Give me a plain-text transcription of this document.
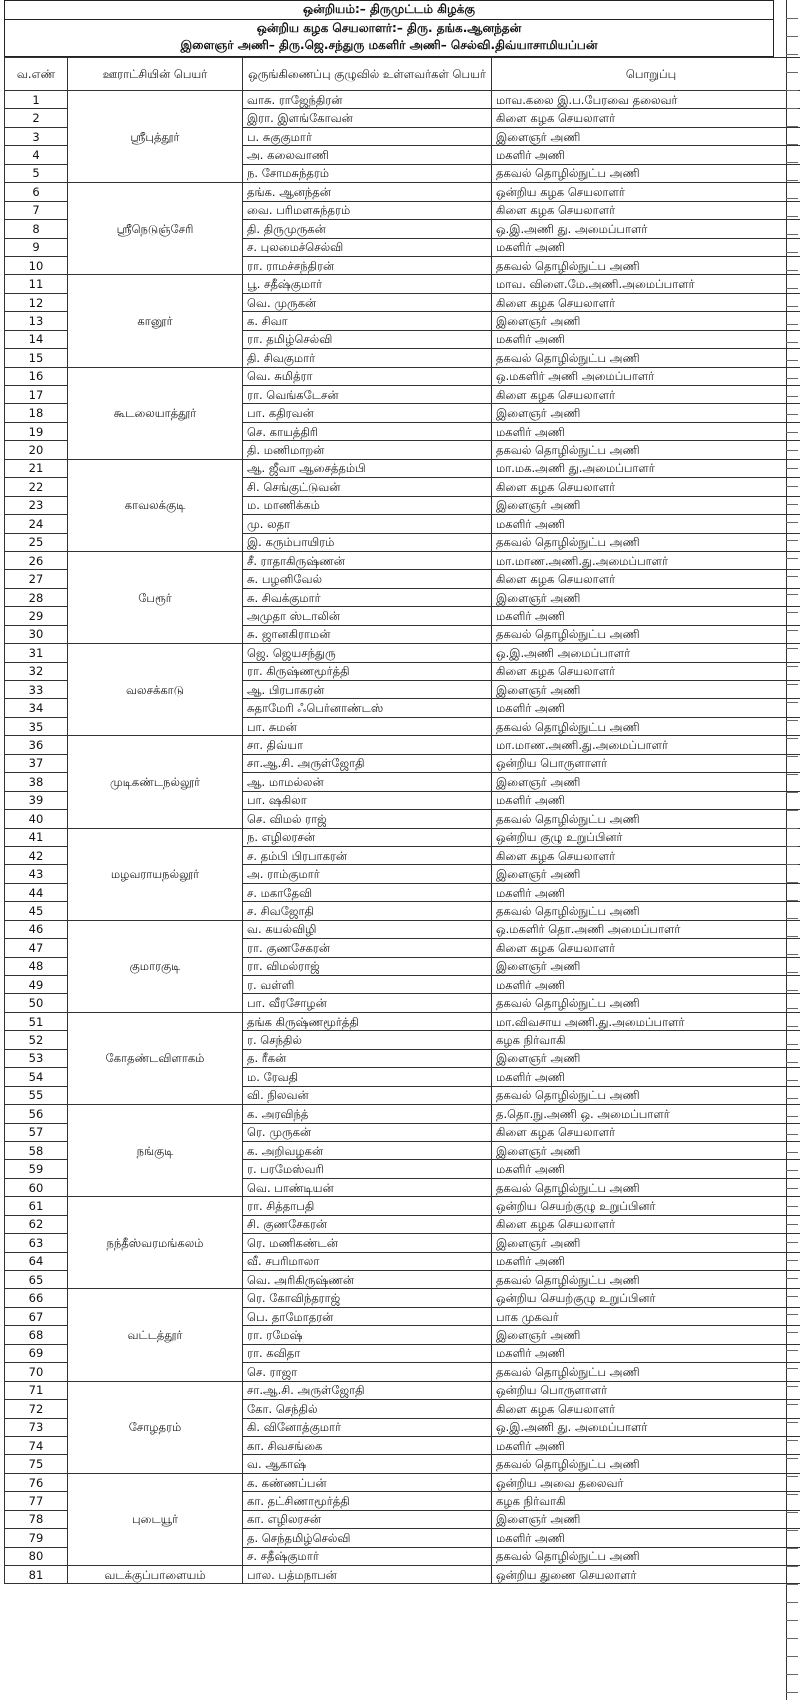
ஒன்றியம்:– திருமுட்டம் கிழக்கு
ஒன்றிய கழக செயலாளர்:– திரு. தங்க.ஆனந்தன்
இளைஞர் அணி– திரு.ஜெ.சந்துரு மகளிர் அணி– செல்வி.திவ்யாசாமியப்பன்
வ.எண்	ஊராட்சியின் பெயர்	ஒருங்கிணைப்பு குழுவில் உள்ளவர்கள் பெயர்	பொறுப்பு
1	ஸ்ரீபுத்தூர்	வாசு. ராஜேந்திரன்	மாவ.கலை இ.ப.பேரவை தலைவர்
2		இரா. இளங்கோவன்	கிளை கழக செயலாளர்
3		ப. சுகுகுமார்	இளைஞர் அணி
4		அ. கலைவாணி	மகளிர் அணி
5		ந. சோமசுந்தரம்	தகவல் தொழில்நுட்ப அணி
6	ஸ்ரீநெடுஞ்சேரி	தங்க. ஆனந்தன்	ஒன்றிய கழக செயலாளர்
7		வை. பரிமளசுந்தரம்	கிளை கழக செயலாளர்
8		தி. திருமுருகன்	ஒ.இ.அணி து. அமைப்பாளர்
9		ச. புலமைச்செல்வி	மகளிர் அணி
10		ரா. ராமச்சந்திரன்	தகவல் தொழில்நுட்ப அணி
11	கானூர்	பூ. சதீஷ்குமார்	மாவ. விளை.மே.அணி.அமைப்பாளர்
12		வெ. முருகன்	கிளை கழக செயலாளர்
13		க. சிவா	இளைஞர் அணி
14		ரா. தமிழ்செல்வி	மகளிர் அணி
15		தி. சிவகுமார்	தகவல் தொழில்நுட்ப அணி
16	கூடலையாத்தூர்	வெ. சுமித்ரா	ஒ.மகளிர் அணி அமைப்பாளர்
17		ரா. வெங்கடேசன்	கிளை கழக செயலாளர்
18		பா. கதிரவன்	இளைஞர் அணி
19		செ. காயத்திரி	மகளிர் அணி
20		தி. மணிமாறன்	தகவல் தொழில்நுட்ப அணி
21	காவலக்குடி	ஆ. ஜீவா ஆசைத்தம்பி	மா.மக.அணி து.அமைப்பாளர்
22		சி. செங்குட்டுவன்	கிளை கழக செயலாளர்
23		ம. மாணிக்கம்	இளைஞர் அணி
24		மு. லதா	மகளிர் அணி
25		இ. கரும்பாயிரம்	தகவல் தொழில்நுட்ப அணி
26	பேரூர்	சீ. ராதாகிருஷ்ணன்	மா.மாண.அணி.து.அமைப்பாளர்
27		சு. பழனிவேல்	கிளை கழக செயலாளர்
28		சு. சிவக்குமார்	இளைஞர் அணி
29		அமுதா ஸ்டாலின்	மகளிர் அணி
30		சு. ஜானகிராமன்	தகவல் தொழில்நுட்ப அணி
31	வலசக்காடு	ஜெ. ஜெயசந்துரு	ஒ.இ.அணி அமைப்பாளர்
32		ரா. கிருஷ்ணமூர்த்தி	கிளை கழக செயலாளர்
33		ஆ. பிரபாகரன்	இளைஞர் அணி
34		சுதாமேரி ஃபெர்னாண்டஸ்	மகளிர் அணி
35		பா. சுமன்	தகவல் தொழில்நுட்ப அணி
36	முடிகண்டநல்லூர்	சா. திவ்யா	மா.மாண.அணி.து.அமைப்பாளர்
37		சா.ஆ.சி. அருள்ஜோதி	ஒன்றிய பொருளாளர்
38		ஆ. மாமல்லன்	இளைஞர் அணி
39		பா. ஷகிலா	மகளிர் அணி
40		செ. விமல் ராஜ்	தகவல் தொழில்நுட்ப அணி
41	மழவராயநல்லூர்	ந. எழிலரசன்	ஒன்றிய குழு உறுப்பினர்
42		ச. தம்பி பிரபாகரன்	கிளை கழக செயலாளர்
43		அ. ராம்குமார்	இளைஞர் அணி
44		ச. மகாதேவி	மகளிர் அணி
45		ச. சிவஜோதி	தகவல் தொழில்நுட்ப அணி
46	குமாரகுடி	வ. கயல்விழி	ஒ.மகளிர் தொ.அணி அமைப்பாளர்
47		ரா. குணசேகரன்	கிளை கழக செயலாளர்
48		ரா. விமல்ராஜ்	இளைஞர் அணி
49		ர. வள்ளி	மகளிர் அணி
50		பா. வீரசோழன்	தகவல் தொழில்நுட்ப அணி
51	கோதண்டவிளாகம்	தங்க கிருஷ்ணமூர்த்தி	மா.விவசாய அணி.து.அமைப்பாளர்
52		ர. செந்தில்	கழக நிர்வாகி
53		த. ரீகன்	இளைஞர் அணி
54		ம. ரேவதி	மகளிர் அணி
55		வி. நிலவன்	தகவல் தொழில்நுட்ப அணி
56	நங்குடி	க. அரவிந்த்	த.தொ.நு.அணி ஒ. அமைப்பாளர்
57		ரெ. முருகன்	கிளை கழக செயலாளர்
58		க. அறிவழகன்	இளைஞர் அணி
59		ர. பரமேஸ்வரி	மகளிர் அணி
60		வெ. பாண்டியன்	தகவல் தொழில்நுட்ப அணி
61	நந்தீஸ்வரமங்கலம்	ரா. சித்தாபதி	ஒன்றிய செயற்குழு உறுப்பினர்
62		சி. குணசேகரன்	கிளை கழக செயலாளர்
63		ரெ. மணிகண்டன்	இளைஞர் அணி
64		வீ. சபரிமாலா	மகளிர் அணி
65		வெ. அரிகிருஷ்ணன்	தகவல் தொழில்நுட்ப அணி
66	வட்டத்தூர்	ரெ. கோவிந்தராஜ்	ஒன்றிய செயற்குழு உறுப்பினர்
67		பெ. தாமோதரன்	பாக முகவர்
68		ரா. ரமேஷ்	இளைஞர் அணி
69		ரா. கவிதா	மகளிர் அணி
70		செ. ராஜா	தகவல் தொழில்நுட்ப அணி
71	சோழதரம்	சா.ஆ.சி. அருள்ஜோதி	ஒன்றிய பொருளாளர்
72		கோ. செந்தில்	கிளை கழக செயலாளர்
73		கி. வினோத்குமார்	ஒ.இ.அணி து. அமைப்பாளர்
74		கா. சிவசங்கை	மகளிர் அணி
75		வ. ஆகாஷ்	தகவல் தொழில்நுட்ப அணி
76	புடையூர்	க. கண்ணப்பன்	ஒன்றிய அவை தலைவர்
77		கா. தட்சிணாமூர்த்தி	கழக நிர்வாகி
78		கா. எழிலரசன்	இளைஞர் அணி
79		த. செந்தமிழ்செல்வி	மகளிர் அணி
80		ச. சதீஷ்குமார்	தகவல் தொழில்நுட்ப அணி
81	வடக்குப்பாளையம்	பால. பத்மநாபன்	ஒன்றிய துணை செயலாளர்
